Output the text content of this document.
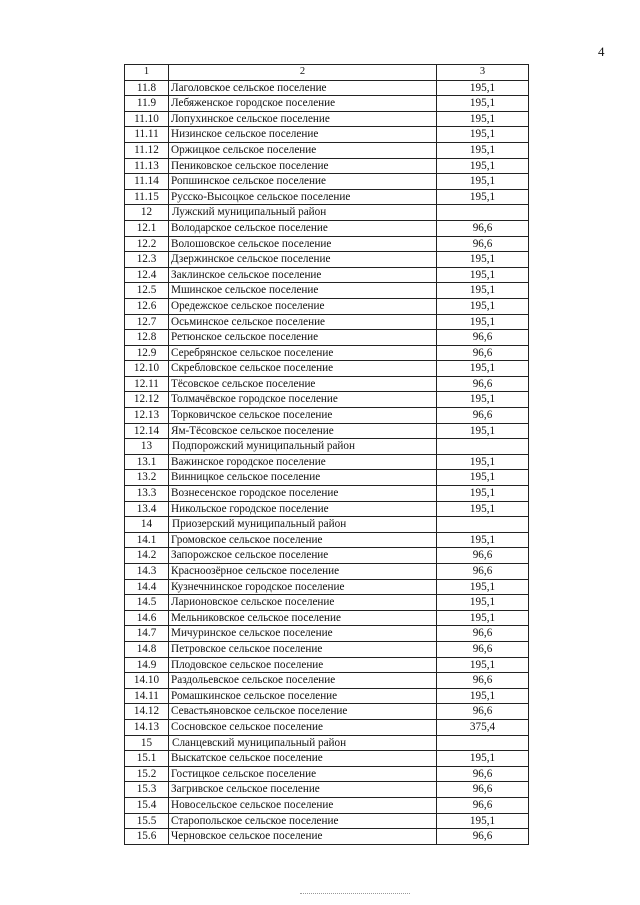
4
1	2	3
11.8	Лаголовское сельское поселение	195,1
11.9	Лебяженское городское поселение	195,1
11.10	Лопухинское сельское поселение	195,1
11.11	Низинское сельское поселение	195,1
11.12	Оржицкое сельское поселение	195,1
11.13	Пениковское сельское поселение	195,1
11.14	Ропшинское сельское поселение	195,1
11.15	Русско-Высоцкое сельское поселение	195,1
12	Лужский муниципальный район	
12.1	Володарское сельское поселение	96,6
12.2	Волошовское сельское поселение	96,6
12.3	Дзержинское сельское поселение	195,1
12.4	Заклинское сельское поселение	195,1
12.5	Мшинское сельское поселение	195,1
12.6	Оредежское сельское поселение	195,1
12.7	Осьминское сельское поселение	195,1
12.8	Ретюнское сельское поселение	96,6
12.9	Серебрянское сельское поселение	96,6
12.10	Скребловское сельское поселение	195,1
12.11	Тёсовское сельское поселение	96,6
12.12	Толмачёвское городское поселение	195,1
12.13	Торковичское сельское поселение	96,6
12.14	Ям-Тёсовское сельское поселение	195,1
13	Подпорожский муниципальный район	
13.1	Важинское городское поселение	195,1
13.2	Винницкое сельское поселение	195,1
13.3	Вознесенское городское поселение	195,1
13.4	Никольское городское поселение	195,1
14	Приозерский муниципальный район	
14.1	Громовское сельское поселение	195,1
14.2	Запорожское сельское поселение	96,6
14.3	Красноозёрное сельское поселение	96,6
14.4	Кузнечнинское городское поселение	195,1
14.5	Ларионовское сельское поселение	195,1
14.6	Мельниковское сельское поселение	195,1
14.7	Мичуринское сельское поселение	96,6
14.8	Петровское сельское поселение	96,6
14.9	Плодовское сельское поселение	195,1
14.10	Раздольевское сельское поселение	96,6
14.11	Ромашкинское сельское поселение	195,1
14.12	Севастьяновское сельское поселение	96,6
14.13	Сосновское сельское поселение	375,4
15	Сланцевский муниципальный район	
15.1	Выскатское сельское поселение	195,1
15.2	Гостицкое сельское поселение	96,6
15.3	Загривское сельское поселение	96,6
15.4	Новосельское сельское поселение	96,6
15.5	Старопольское сельское поселение	195,1
15.6	Черновское сельское поселение	96,6
